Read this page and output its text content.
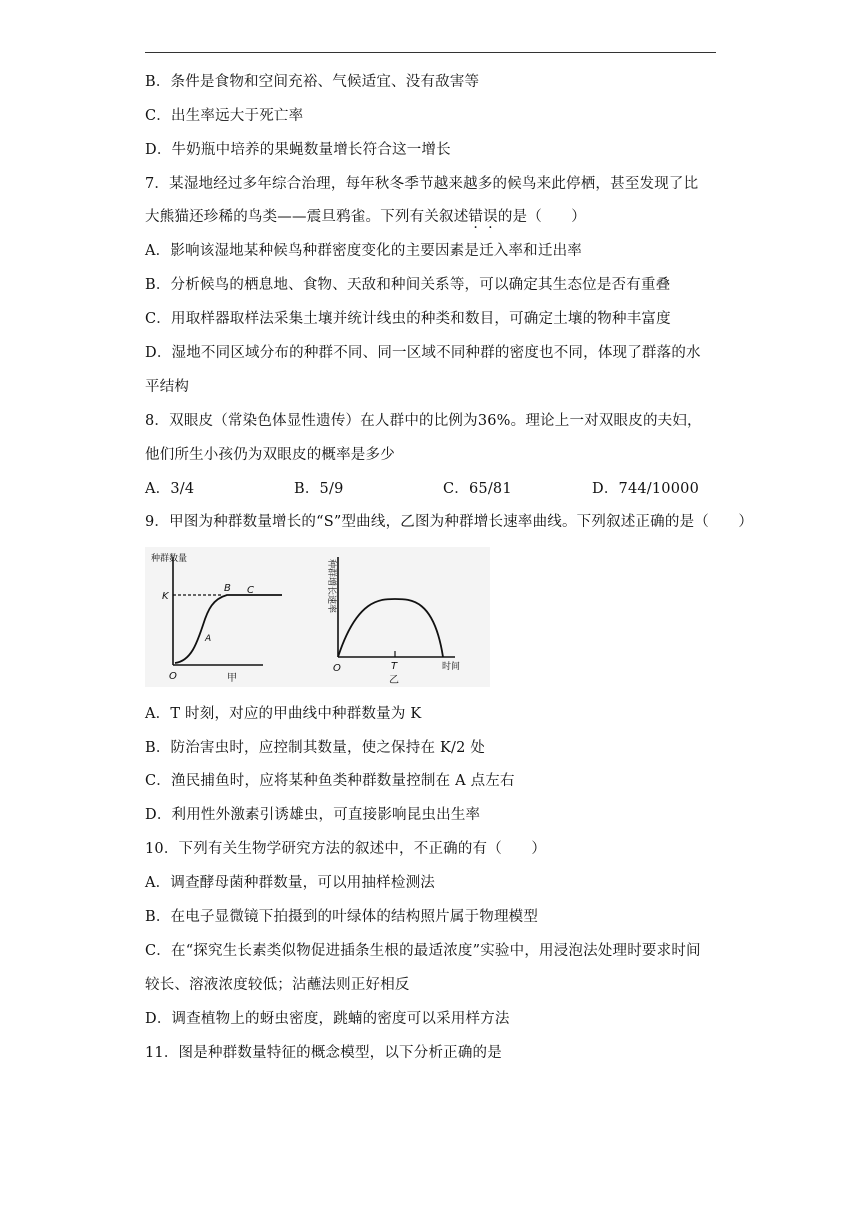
B．条件是食物和空间充裕、气候适宜、没有敌害等
C．出生率远大于死亡率
D．牛奶瓶中培养的果蝇数量增长符合这一增长
7．某湿地经过多年综合治理，每年秋冬季节越来越多的候鸟来此停栖，甚至发现了比
大熊猫还珍稀的鸟类——震旦鸦雀。下列有关叙述错误的是（　　）
A．影响该湿地某种候鸟种群密度变化的主要因素是迁入率和迁出率
B．分析候鸟的栖息地、食物、天敌和种间关系等，可以确定其生态位是否有重叠
C．用取样器取样法采集土壤并统计线虫的种类和数目，可确定土壤的物种丰富度
D．湿地不同区域分布的种群不同、同一区域不同种群的密度也不同，体现了群落的水
平结构
8．双眼皮（常染色体显性遗传）在人群中的比例为36%。理论上一对双眼皮的夫妇，
他们所生小孩仍为双眼皮的概率是多少
A．3/4	B．5/9	C．65/81	D．744/10000
9．甲图为种群数量增长的“S”型曲线，乙图为种群增长速率曲线。下列叙述正确的是（　　）
种群数量
K
A
B C
O	甲
种群增长速率
O	T	时间
乙
A．T 时刻，对应的甲曲线中种群数量为 K
B．防治害虫时，应控制其数量，使之保持在 K/2 处
C．渔民捕鱼时，应将某种鱼类种群数量控制在 A 点左右
D．利用性外激素引诱雄虫，可直接影响昆虫出生率
10．下列有关生物学研究方法的叙述中，不正确的有（　　）
A．调查酵母菌种群数量，可以用抽样检测法
B．在电子显微镜下拍摄到的叶绿体的结构照片属于物理模型
C．在“探究生长素类似物促进插条生根的最适浓度”实验中，用浸泡法处理时要求时间
较长、溶液浓度较低；沾蘸法则正好相反
D．调查植物上的蚜虫密度，跳蝻的密度可以采用样方法
11．图是种群数量特征的概念模型，以下分析正确的是
